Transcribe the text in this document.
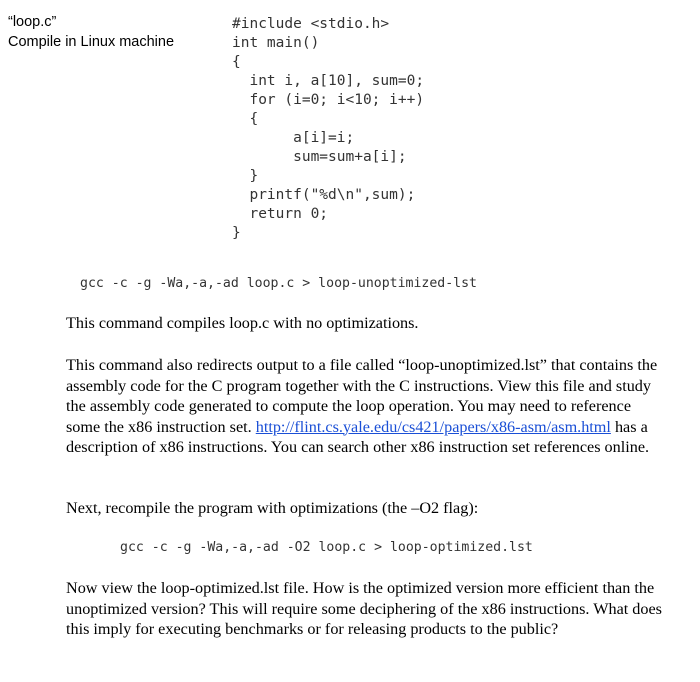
“loop.c”
Compile in Linux machine
#include <stdio.h>
int main()
{
int i, a[10], sum=0;
for (i=0; i<10; i++)
{
a[i]=i;
sum=sum+a[i];
}
printf("%d\n",sum);
return 0;
}
gcc -c -g -Wa,-a,-ad loop.c > loop-unoptimized-lst
This command compiles loop.c with no optimizations.
This command also redirects output to a file called “loop-unoptimized.lst” that contains the assembly code for the C program together with the C instructions. View this file and study the assembly code generated to compute the loop operation. You may need to reference some the x86 instruction set. http://flint.cs.yale.edu/cs421/papers/x86-asm/asm.html has a description of x86 instructions. You can search other x86 instruction set references online.
Next, recompile the program with optimizations (the –O2 flag):
gcc -c -g -Wa,-a,-ad -O2 loop.c > loop-optimized.lst
Now view the loop-optimized.lst file. How is the optimized version more efficient than the unoptimized version? This will require some deciphering of the x86 instructions. What does this imply for executing benchmarks or for releasing products to the public?
